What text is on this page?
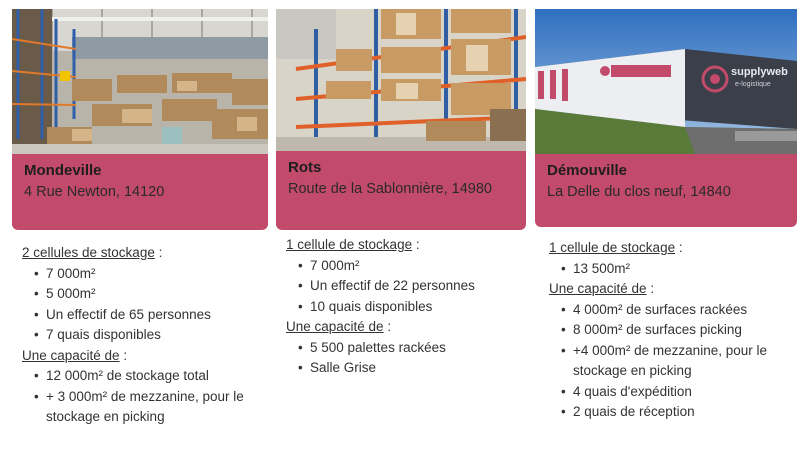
Mondeville
4 Rue Newton, 14120
2 cellules de stockage :
• 7 000m²
• 5 000m²
• Un effectif de 65 personnes
• 7 quais disponibles
Une capacité de :
• 12 000m² de stockage total
• + 3 000m² de mezzanine, pour le stockage en picking
Rots
Route de la Sablonnière, 14980
1 cellule de stockage :
• 7 000m²
• Un effectif de 22 personnes
• 10 quais disponibles
Une capacité de :
• 5 500 palettes rackées
• Salle Grise
supplyweb
e-logistique
Démouville
La Delle du clos neuf, 14840
1 cellule de stockage :
• 13 500m²
Une capacité de :
• 4 000m² de surfaces rackées
• 8 000m² de surfaces picking
• +4 000m² de mezzanine, pour le stockage en picking
• 4 quais d'expédition
• 2 quais de réception
